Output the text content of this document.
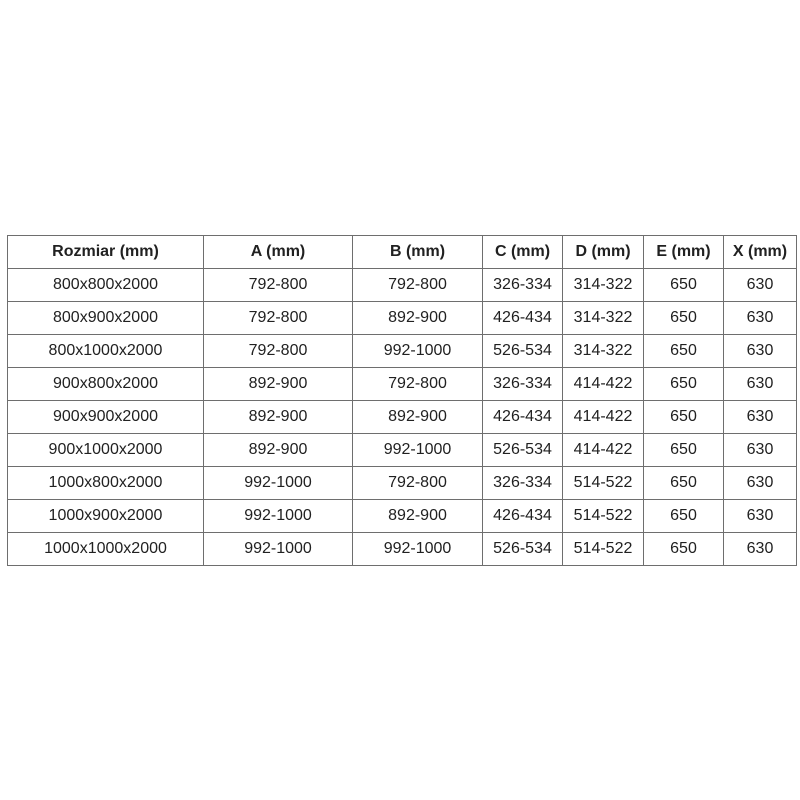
Rozmiar (mm)	A (mm)	B (mm)	C (mm)	D (mm)	E (mm)	X (mm)
800x800x2000	792-800	792-800	326-334	314-322	650	630
800x900x2000	792-800	892-900	426-434	314-322	650	630
800x1000x2000	792-800	992-1000	526-534	314-322	650	630
900x800x2000	892-900	792-800	326-334	414-422	650	630
900x900x2000	892-900	892-900	426-434	414-422	650	630
900x1000x2000	892-900	992-1000	526-534	414-422	650	630
1000x800x2000	992-1000	792-800	326-334	514-522	650	630
1000x900x2000	992-1000	892-900	426-434	514-522	650	630
1000x1000x2000	992-1000	992-1000	526-534	514-522	650	630
